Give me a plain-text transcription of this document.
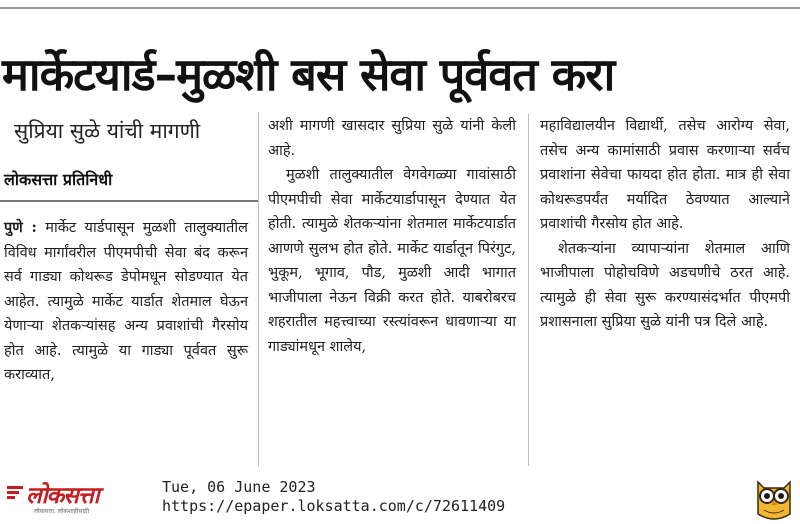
मार्केटयार्ड–मुळशी बस सेवा पूर्ववत करा
सुप्रिया सुळे यांची मागणी
लोकसत्ता प्रतिनिधी

पुणे : मार्केट यार्डपासून मुळशी तालुक्यातील विविध मार्गांवरील पीएमपीची सेवा बंद करून सर्व गाड्या कोथरूड डेपोमधून सोडण्यात येत आहेत. त्यामुळे मार्केट यार्डात शेतमाल घेऊन येणाऱ्या शेतकऱ्यांसह अन्य प्रवाशांची गैरसोय होत आहे. त्यामुळे या गाड्या पूर्ववत सुरू कराव्यात,

अशी मागणी खासदार सुप्रिया सुळे यांनी केली आहे.

मुळशी तालुक्यातील वेगवेगळ्या गावांसाठी पीएमपीची सेवा मार्केटयार्डापासून देण्यात येत होती. त्यामुळे शेतकऱ्यांना शेतमाल मार्केटयार्डात आणणे सुलभ होत होते. मार्केट यार्डातून पिरंगुट, भुकूम, भूगाव, पौड, मुळशी आदी भागात भाजीपाला नेऊन विक्री करत होते. याबरोबरच शहरातील महत्त्वाच्या रस्त्यांवरून धावणाऱ्या या गाड्यांमधून शालेय,

महाविद्यालयीन विद्यार्थी, तसेच आरोग्य सेवा, तसेच अन्य कामांसाठी प्रवास करणाऱ्या सर्वच प्रवाशांना सेवेचा फायदा होत होता. मात्र ही सेवा कोथरूडपर्यंत मर्यादित ठेवण्यात आल्याने प्रवाशांची गैरसोय होत आहे.

शेतकऱ्यांना व्यापाऱ्यांना शेतमाल आणि भाजीपाला पोहोचविणे अडचणीचे ठरत आहे. त्यामुळे ही सेवा सुरू करण्यासंदर्भात पीएमपी प्रशासनाला सुप्रिया सुळे यांनी पत्र दिले आहे.

लोकसत्ता
लोकसत्ता, लोकशाहीसाठी
Tue, 06 June 2023
https://epaper.loksatta.com/c/72611409
